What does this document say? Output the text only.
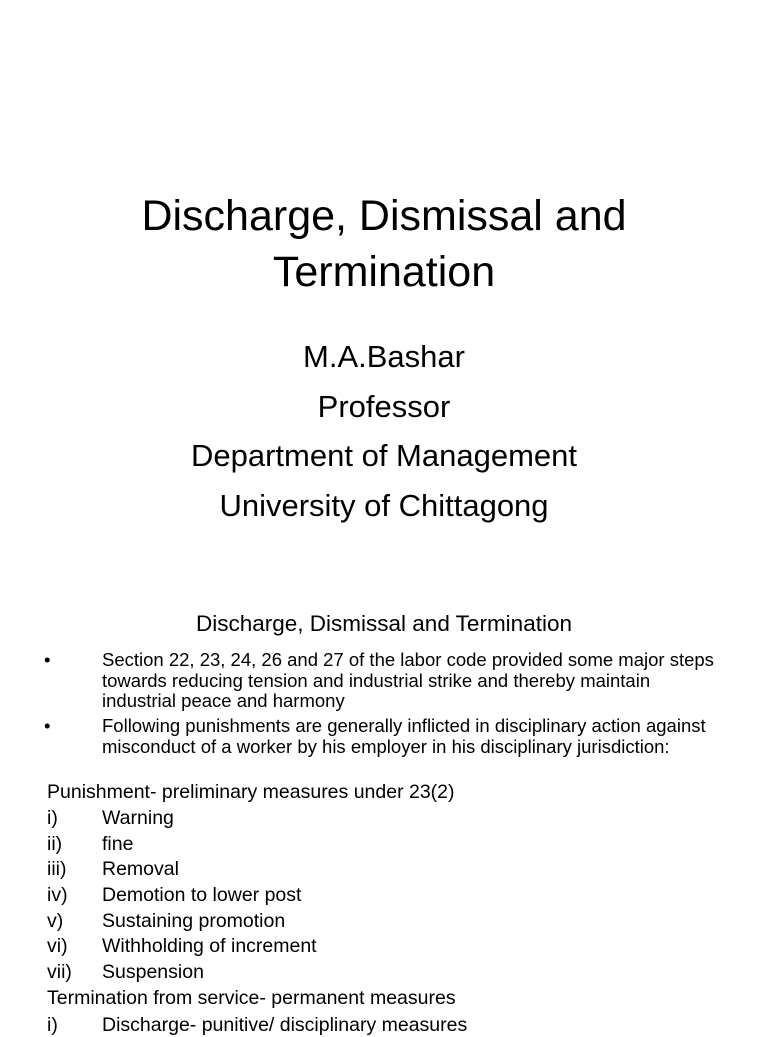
Discharge, Dismissal and
Termination
M.A.Bashar
Professor
Department of Management
University of Chittagong
Discharge, Dismissal and Termination
•	Section 22, 23, 24, 26 and 27 of the labor code provided some major steps towards reducing tension and industrial strike and thereby maintain industrial peace and harmony
•	Following punishments are generally inflicted in disciplinary action against misconduct of a worker by his employer in his disciplinary jurisdiction:
Punishment- preliminary measures under 23(2)
i) Warning
ii) fine
iii) Removal
iv) Demotion to lower post
v) Sustaining promotion
vi) Withholding of increment
vii) Suspension
Termination from service- permanent measures
i) Discharge- punitive/ disciplinary measures
